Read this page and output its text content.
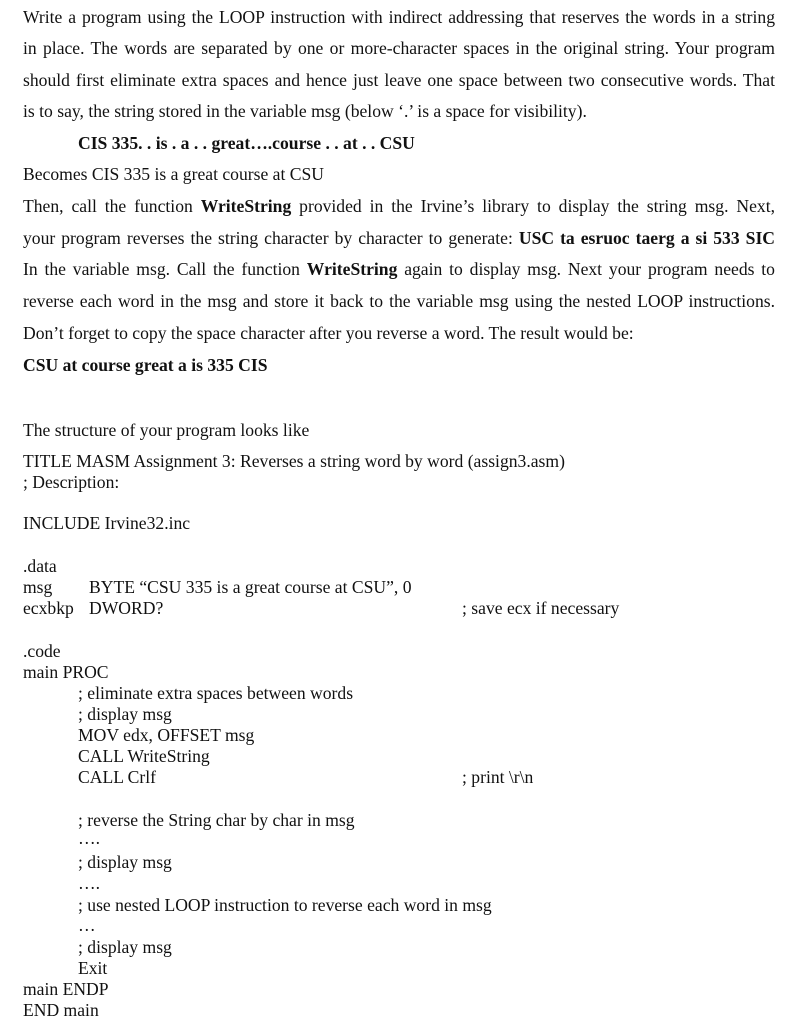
Write a program using the LOOP instruction with indirect addressing that reserves the words in a string
in place. The words are separated by one or more-character spaces in the original string. Your program
should first eliminate extra spaces and hence just leave one space between two consecutive words. That
is to say, the string stored in the variable msg (below ‘.’ is a space for visibility).
CIS 335. . is . a . . great….course . . at . . CSU
Becomes CIS 335 is a great course at CSU
Then, call the function WriteString provided in the Irvine’s library to display the string msg. Next,
your program reverses the string character by character to generate: USC ta esruoc taerg a si 533 SIC
In the variable msg. Call the function WriteString again to display msg. Next your program needs to
reverse each word in the msg and store it back to the variable msg using the nested LOOP instructions.
Don’t forget to copy the space character after you reverse a word. The result would be:
CSU at course great a is 335 CIS
The structure of your program looks like
TITLE MASM Assignment 3: Reverses a string word by word (assign3.asm)
; Description:
INCLUDE Irvine32.inc
.data
msg BYTE “CSU 335 is a great course at CSU”, 0
ecxbkp DWORD?	; save ecx if necessary
.code
main PROC
; eliminate extra spaces between words
; display msg
MOV edx, OFFSET msg
CALL WriteString
CALL Crlf	; print \r\n
; reverse the String char by char in msg
….
; display msg
….
; use nested LOOP instruction to reverse each word in msg
…
; display msg
Exit
main ENDP
END main
